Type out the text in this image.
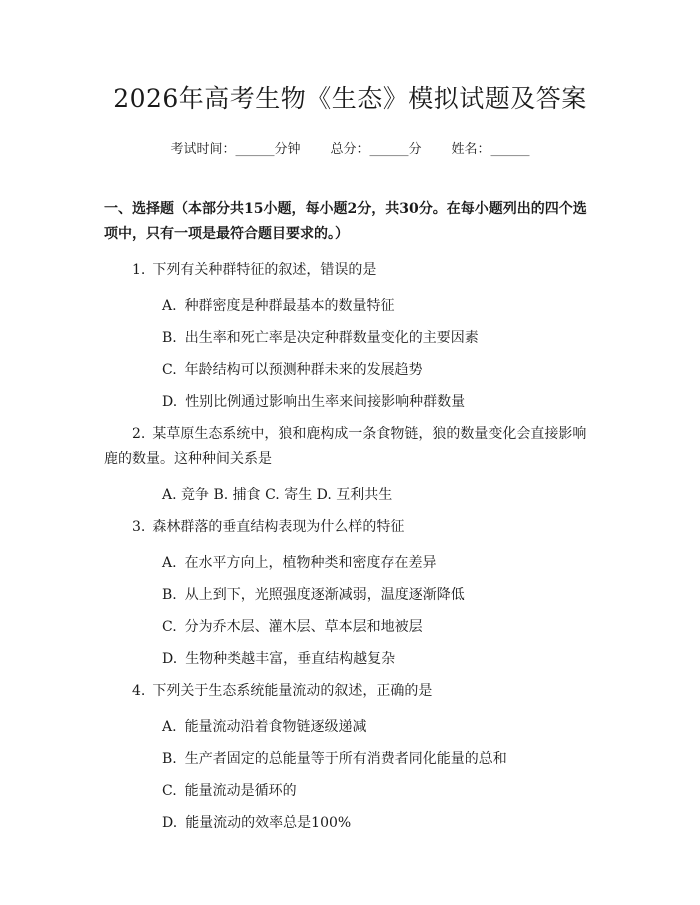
2026年高考生物《生态》模拟试题及答案
考试时间：______分钟 总分：______分 姓名：______
一、选择题（本部分共15小题，每小题2分，共30分。在每小题列出的四个选项中，只有一项是最符合题目要求的。）
1. 下列有关种群特征的叙述，错误的是
A. 种群密度是种群最基本的数量特征
B. 出生率和死亡率是决定种群数量变化的主要因素
C. 年龄结构可以预测种群未来的发展趋势
D. 性别比例通过影响出生率来间接影响种群数量
2. 某草原生态系统中，狼和鹿构成一条食物链，狼的数量变化会直接影响鹿的数量。这种种间关系是
A. 竞争 B. 捕食 C. 寄生 D. 互利共生
3. 森林群落的垂直结构表现为什么样的特征
A. 在水平方向上，植物种类和密度存在差异
B. 从上到下，光照强度逐渐减弱，温度逐渐降低
C. 分为乔木层、灌木层、草本层和地被层
D. 生物种类越丰富，垂直结构越复杂
4. 下列关于生态系统能量流动的叙述，正确的是
A. 能量流动沿着食物链逐级递减
B. 生产者固定的总能量等于所有消费者同化能量的总和
C. 能量流动是循环的
D. 能量流动的效率总是100%
